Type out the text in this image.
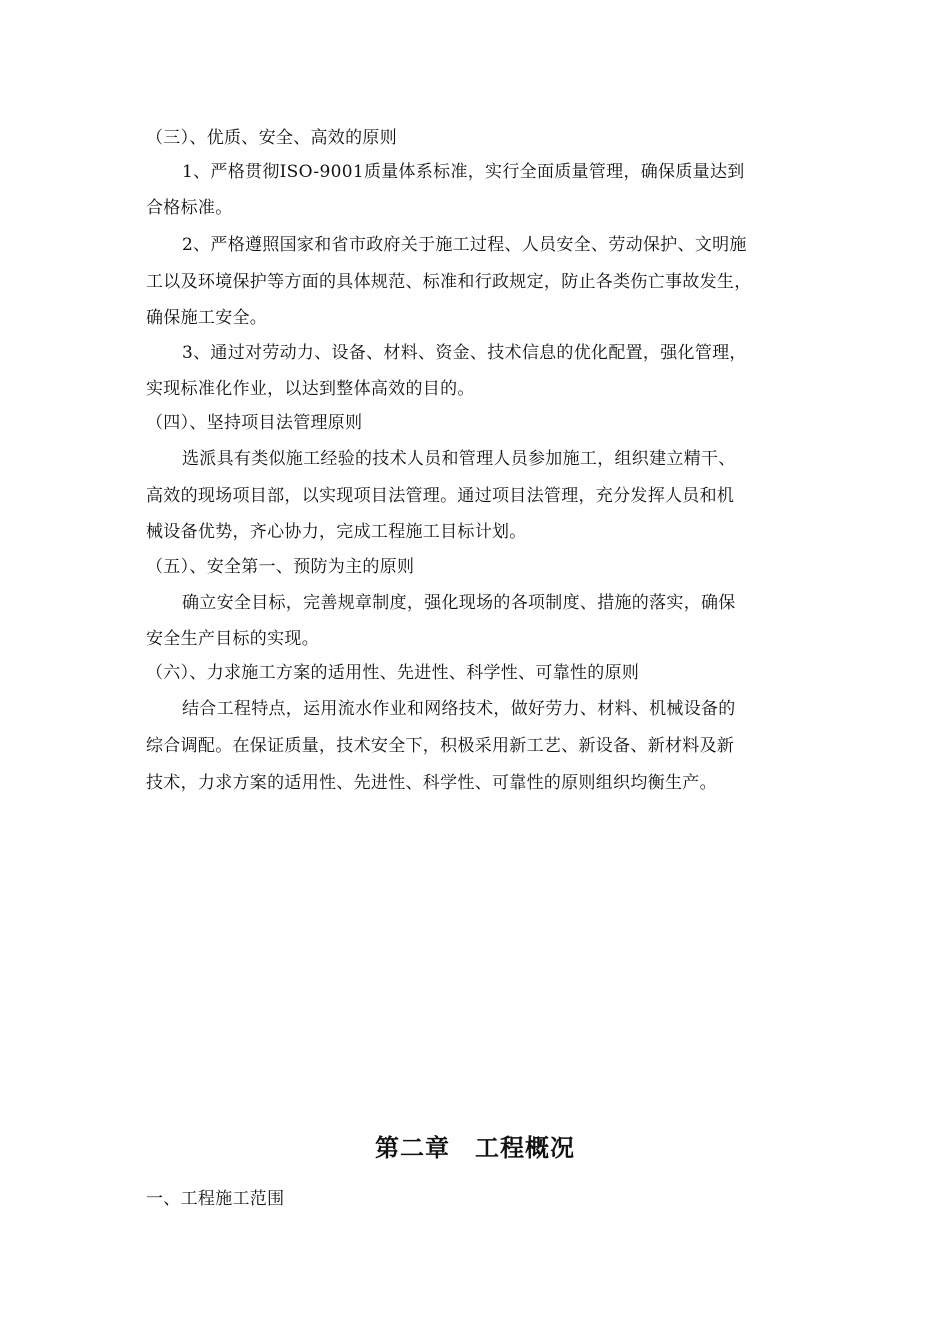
（三）、优质、安全、高效的原则
1、严格贯彻ISO-9001质量体系标准，实行全面质量管理，确保质量达到
合格标准。
2、严格遵照国家和省市政府关于施工过程、人员安全、劳动保护、文明施
工以及环境保护等方面的具体规范、标准和行政规定，防止各类伤亡事故发生，
确保施工安全。
3、通过对劳动力、设备、材料、资金、技术信息的优化配置，强化管理，
实现标准化作业，以达到整体高效的目的。
（四）、坚持项目法管理原则
选派具有类似施工经验的技术人员和管理人员参加施工，组织建立精干、
高效的现场项目部，以实现项目法管理。通过项目法管理，充分发挥人员和机
械设备优势，齐心协力，完成工程施工目标计划。
（五）、安全第一、预防为主的原则
确立安全目标，完善规章制度，强化现场的各项制度、措施的落实，确保
安全生产目标的实现。
（六）、力求施工方案的适用性、先进性、科学性、可靠性的原则
结合工程特点，运用流水作业和网络技术，做好劳力、材料、机械设备的
综合调配。在保证质量，技术安全下，积极采用新工艺、新设备、新材料及新
技术，力求方案的适用性、先进性、科学性、可靠性的原则组织均衡生产。
第二章　工程概况
一、工程施工范围
